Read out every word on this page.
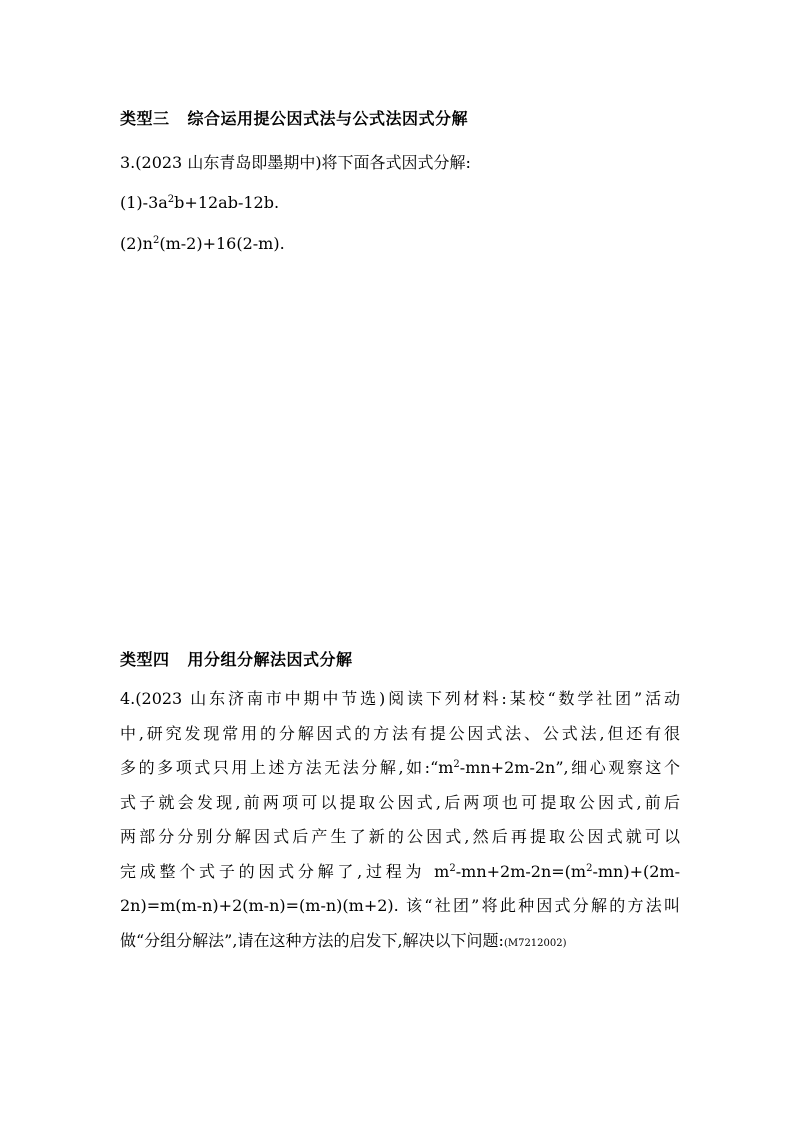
类型三 综合运用提公因式法与公式法因式分解
3.(2023 山东青岛即墨期中)将下面各式因式分解:
$(1)-3a^2b+12ab-12b$.
$(2)n^2(m-2)+16(2-m)$.
类型四 用分组分解法因式分解
4.(2023 山东济南市中期中节选)阅读下列材料:某校“数学社团”活动
中,研究发现常用的分解因式的方法有提公因式法、公式法,但还有很
多的多项式只用上述方法无法分解,如$:“m^2-mn+2m-2n$”,细心观察这个
式子就会发现,前两项可以提取公因式,后两项也可提取公因式,前后
两部分分别分解因式后产生了新的公因式,然后再提取公因式就可以
完成整个式子的因式分解了,过程为 $m^2-mn+2m-2n=(m^2-mn)+(2m-$
2n)=m(m-n)+2(m-n)=(m-n)(m+2). 该“社团”将此种因式分解的方法叫
做“分组分解法”,请在这种方法的启发下,解决以下问题:(M7212002)
